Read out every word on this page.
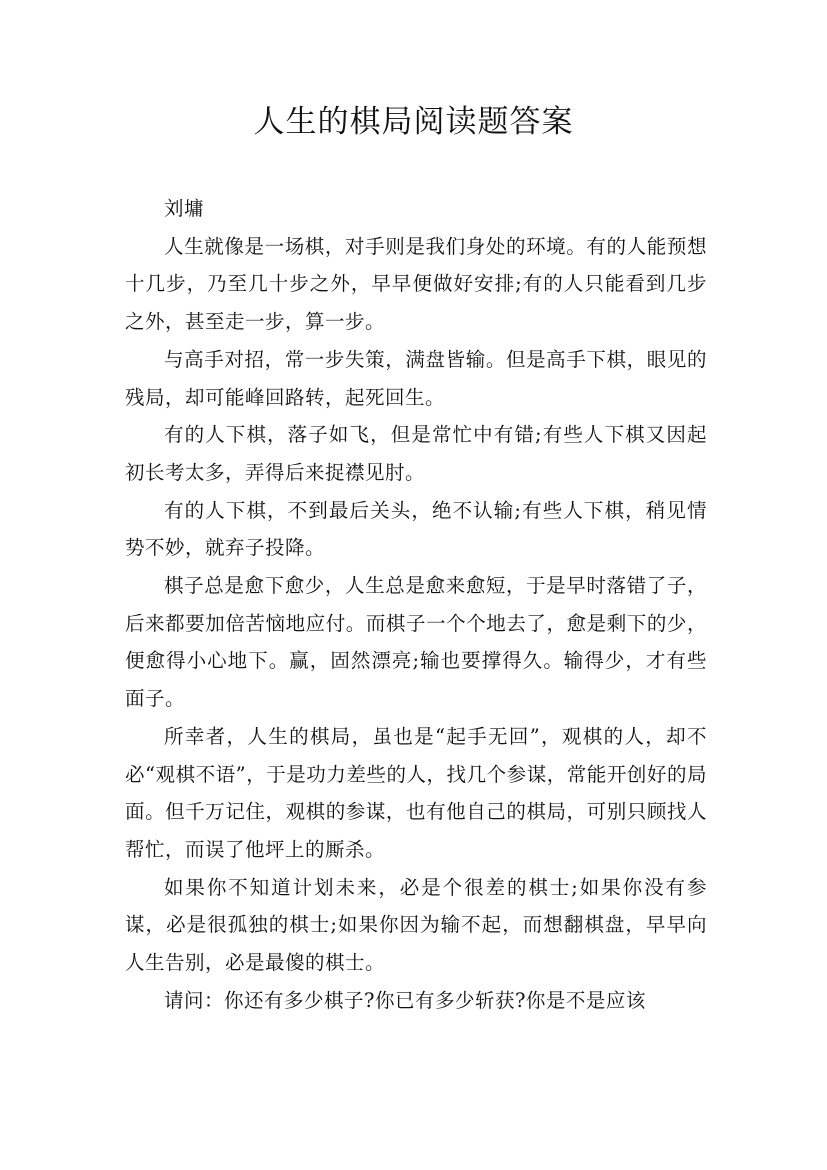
人生的棋局阅读题答案

刘墉

人生就像是一场棋，对手则是我们身处的环境。有的人能预想十几步，乃至几十步之外，早早便做好安排;有的人只能看到几步之外，甚至走一步，算一步。

与高手对招，常一步失策，满盘皆输。但是高手下棋，眼见的残局，却可能峰回路转，起死回生。

有的人下棋，落子如飞，但是常忙中有错;有些人下棋又因起初长考太多，弄得后来捉襟见肘。

有的人下棋，不到最后关头，绝不认输;有些人下棋，稍见情势不妙，就弃子投降。

棋子总是愈下愈少，人生总是愈来愈短，于是早时落错了子，后来都要加倍苦恼地应付。而棋子一个个地去了，愈是剩下的少，便愈得小心地下。赢，固然漂亮;输也要撑得久。输得少，才有些面子。

所幸者，人生的棋局，虽也是“起手无回”，观棋的人，却不必“观棋不语”，于是功力差些的人，找几个参谋，常能开创好的局面。但千万记住，观棋的参谋，也有他自己的棋局，可别只顾找人帮忙，而误了他坪上的厮杀。

如果你不知道计划未来，必是个很差的棋士;如果你没有参谋，必是很孤独的棋士;如果你因为输不起，而想翻棋盘，早早向人生告别，必是最傻的棋士。

请问：你还有多少棋子?你已有多少斩获?你是不是应该
